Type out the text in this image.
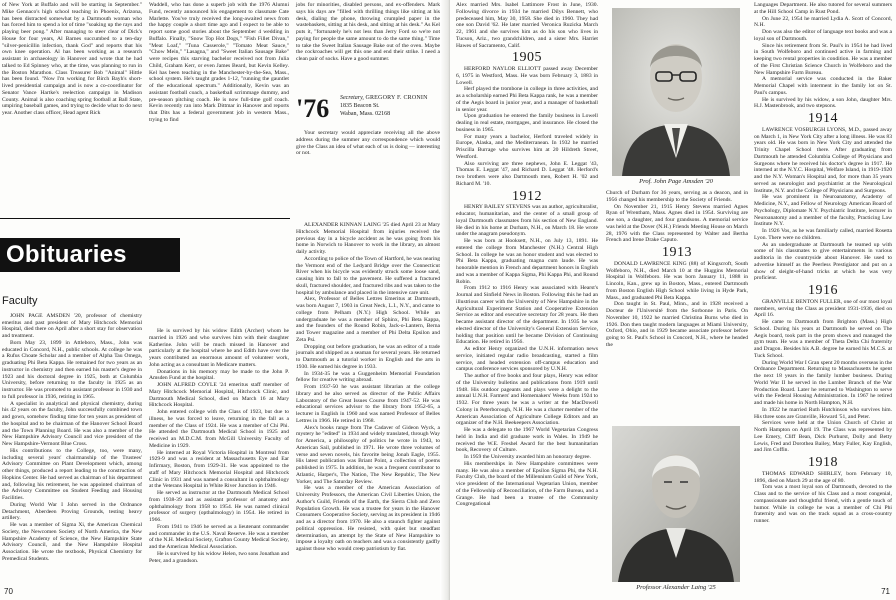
of New York at Buffalo and will be starting in September." Mike Gennaco's high school teaching in Phoenix, Arizona, has been distracted somewhat by a Dartmouth woman who has forced him to spend a lot of time "soaking up the rays and playing beer pong." After managing to steer clear of Dick's House for four years, Al Barnes succumbed to a ten-day "silver-penicillin infection, thank God" and reports that his own knee operation. Al has been working as a research assistant in archaeology in Hanover and wrote that he had talked to Ed Spinney who, at the time, was planning to run in the Boston Marathon. Class Treasurer Bob "Animal" Hittle has been found. "Now I'm working for Birch Bayh's short-lived presidential campaign and is now a co-coordinator for Senator Vance Hartke's reelection campaign in Madison County. Animal is also coaching spring football at Ball State, umpiring baseball games, and trying to decide what to do next year. Another class officer, Head agent Rick

Waddell, who has done a superb job with the 1976 Alumni Fund, recently announced his engagement to classmate Cate Marlette. You've truly received the long-awaited news from the happy couple a short time ago and I expect to be able to report some good stories about the September 4 wedding in Buffalo. Finally, "Snow Top Hot Dogs," "Fish Fillet Divan," "Meat Loaf," "Tuna Casserole," "Tomato Meat Sauce," "Chow Mein," "Lasagna," and "Sweet Italian Sausage Bake" were recipes this starving bachelor received not from Julia Child, Graham Kerr, or even James Beard, but Kevin Kelley. Kel has been teaching in the Manchester-by-the-Sea, Mass., school system. He's taught grades 1-12, "running the gauntlet of the educational spectrum." Additionally, Kevin was an assistant football coach, a basketball scrimmage dummy, and pre-season pitching coach. He is now full-time golf coach. Kevin recently ran into Mark Dittmar in Hanover and reports that Dits has a federal government job in western Mass., trying to find

jobs for minorities, disabled persons, and ex-offenders. Mark says his days are "filled with thrilling things like sitting at his desk, dialing the phone, throwing crumpled paper in the wastebaskets, sitting at his desk, and sitting at his desk." As Kel puts it, "fortunately he's not less than Jerry Ford so we're not paying for people the same amount to do the same thing." Time to take the Sweet Italian Sausage Bake out of the oven. Maybe the cockroaches will get this one and end their strike. I need a clean pair of socks. Have a good summer.

'76 Secretary, GREGORY F. CRONIN
1835 Beacon St.
Waban, Mass. 02168

Your secretary would appreciate receiving all the above address during the summer any correspondence which would give the Class an idea of what each of us is doing — interesting or not.

Obituaries
Faculty

JOHN PAGE AMSDEN '20, professor of chemistry emeritus and past president of Mary Hitchcock Memorial Hospital, died there on April after a short stay for observation and treatment.

Born May 23, 1899 in Attleboro, Mass., John was educated in Concord, N.H., public schools. At college he was a Rufus Choate Scholar and a member of Alpha Tau Omega, graduating Phi Beta Kappa. He remained for two years as an instructor in chemistry and then earned his master's degree in 1923 and his doctoral degree in 1925, both at Columbia University, before returning to the faculty in 1925 as an instructor. He was promoted to assistant professor in 1930 and to full professor in 1936, retiring in 1965.

A specialist in analytical and physical chemistry, during his 42 years on the faculty, John successfully combined town and gown, somehow finding time for ten years as president of the hospital and to be chairman of the Hanover School Board and the Town Planning Board. He was also a member of the New Hampshire Advisory Council and vice president of the New Hampshire-Vermont Blue Cross.

His contributions to the College, too, were many, including several years' chairmanship of the Trustees' Advisory Committee on Plant Development which, among other things, produced a report leading to the construction of Hopkins Center. He had served as chairman of his department and, following his retirement, he was appointed chairman of the Advisory Committee on Student Feeding and Housing Facilities.

During World War I John served in the Ordnance Detachment, Aberdeen Proving Grounds, testing heavy artillery.

He was a member of Sigma Xi, the American Chemical Society, the Newcomen Society of North America, the New Hampshire Academy of Science, the New Hampshire State Advisory Council, and the New Hampshire Hospital Association. He wrote the textbook, Physical Chemistry for Premedical Students.

He is survived by his widow Edith (Archer) whom he married in 1926 and who survives him with their daughter Katherine. John will be much missed in Hanover and particularly at the hospital where he and Edith have over the years contributed an enormous amount of volunteer work, John acting as a consultant in Medicare matters.

Donations in his memory may be made to the John P. Amsden Fund at the hospital.

JOHN ALFRED COYLE '24 emeritus staff member of Mary Hitchcock Memorial Hospital, Hitchcock Clinic, and Dartmouth Medical School, died on March 16 at Mary Hitchcock Hospital.

John entered college with the Class of 1923, but due to illness, he was forced to leave, returning in the fall as a member of the Class of 1924. He was a member of Chi Phi. He attended the Dartmouth Medical School in 1925 and received an M.D.C.M. from McGill University Faculty of Medicine in 1929.

He interned at Royal Victoria Hospital in Montreal from 1929-9 and was a resident at Massachusetts Eye and Ear Infirmary, Boston, from 1929-31. He was appointed to the staff of Mary Hitchcock Memorial Hospital and Hitchcock Clinic in 1931 and was named a consultant in ophthalmology at the Veterans Hospital in White River Junction in 1946.

He served as instructor at the Dartmouth Medical School from 1938-39 and as assistant professor of anatomy and ophthalmology from 1958 to 1954. He was named clinical professor of surgery (opthalmology) in 1954. He retired in 1966.

From 1941 to 1946 he served as a lieutenant commander and commander in the U.S. Naval Reserve. He was a member of the N.H. Medical Society, Grafton County Medical Society, and the American Medical Association.

He is survived by his widow Helen, two sons Jonathan and Peter, and a grandson.

ALEXANDER KINNAN LAING '25 died April 23 at Mary Hitchcock Memorial Hospital from injuries received the previous day in a bicycle accident as he was going from his home in Norwich to Hanover to work in the library, an almost daily activity.

According to police of the Town of Hartford, he was nearing the Vermont end of the Ledyard Bridge over the Connecticut River when his bicycle was evidently struck some loose sand, causing him to fall to the pavement. He suffered a fractured skull, fractured shoulder, and fractured ribs and was taken to the hospital by ambulance and placed in the intensive care unit.

Alex, Professor of Belles Lettres Emeritus at Dartmouth, was born August 7, 1903 in Great Neck, L.I., N.Y., and came to college from Pelham (N.Y.) High School. While an undergraduate he was a member of Sphinx, Phi Beta Kappa, and the founders of the Round Robin, Jack-o-Lantern, Berna and Tower magazine and a member of Phi Delta Epsilon and Zeta Psi.

Dropping out before graduation, he was an editor of a trade journals and shipped as a seaman for several years. He returned to Dartmouth as a tutorial worker in English and the arts in 1930. He earned his degree in 1933.

In 1934-35 he was a Guggenheim Memorial Foundation fellow for creative writing abroad.

From 1937-50 he was assistant librarian at the college library and he also served as director of the Public Affairs Laboratory of the Great Issues Course from 1947-52. He was educational services advisor to the library from 1952-65, a lecturer in English in 1960 and was named Professor of Belles Lettres in 1966. He retired in 1968.

Alex's books range from The Cadaver of Gideon Wyck, a mystery he "edited" in 1934 and widely translated, through Way for America, a philosophy of politics he wrote in 1943, to American Sail, published in 1971. He wrote three volumes of verse and seven novels, his favorite being Jonah Eagle, 1955. His latest publication was Briant Point, a collection of poems published in 1975. In addition, he was a frequent contributor to Atlantic, Harper's, The Nation, The New Republic, The New Yorker, and The Saturday Review.

He was a member of the American Association of University Professors, the American Civil Liberties Union, the Author's Guild, Friends of the Earth, the Sierra Club and Zero Population Growth. He was a trustee for years in the Hanover Consumers Cooperative Society, serving as its president in 1946 and as a director from 1970. He also a staunch fighter against political oppression. He resisted, with quiet but steadfast determination, an attempt by the State of New Hampshire to impose a loyalty oath on teachers and was a consistently gadfly against those who would creep patriotism by fiat.

70

Alex married Mrs. Isabel Lattimore Frost in June, 1930. Following divorce in 1934 he married Dilys Bennett, who predeceased him, May 30, 1958. She died in 1960. They had one son David '62. He later married Veronica Ruzicka March 22, 1961 and she survives him as do his son who lives in Tucson, Ariz., two grandchildren, and a sister Mrs. Harriet Hawes of Sacramento, Calif.

1905

HERFORD NAYLOR ELLIOTT passed away December 6, 1975 in Westford, Mass. He was born February 3, 1883 in Lowell.

Herf played the trombone in college in three activities, and as a scholarship earned Phi Beta Kappa rank, he was a member of the Aegis board in junior year, and a manager of basketball in senior year.

Upon graduation he entered the family business in Lowell dealing in real estate, mortgages, and insurance. He closed the business in 1965.

For many years a bachelor, Herford traveled widely in Europe, Alaska, and the Mediterranean. In 1932 he married Priscilla Burrage who survives him at 20 Hildreth Street, Westford.

Also surviving are three nephews, John E. Leggat '43, Thomas E. Leggat '47, and Richard D. Leggat '48. Herford's two brothers were also Dartmouth men, Robert H. '02 and Richard M. '10.

1912

HENRY BAILEY STEVENS was an author, agriculturalist, educator, humanitarian, and the center of a small group of loyal Dartmouth classmates from his section of New England. He died in his home at Durham, N.H., on March 18. He wrote under the anagram pseudonym.

He was born at Hooksett, N.H., on July 13, 1891. He entered the college from Manchester (N.H.) Central High School. In college he was an honor student and was elected to Phi Beta Kappa, graduating magna cum laude. He was honorable mention in French and department honors in English and was a member of Kappa Sigma, Phi Kappa Phi, and Round Robin.

From 1912 to 1916 Henry was associated with Hearst's Journal and Sinfield News in Boston. Following this he had an illustrious career with the University of New Hampshire in the Agricultural Experiment Station and Cooperative Extension Service as editor and executive secretary for 28 years. He then became assistant director of the department. In 1935 he was elected director of the University's General Extension Service, holding that position until he became Division of Continuing Education. He retired in 1956.

As editor Henry organized the U.N.H. information news service, initiated regular radio broadcasting, started a film service, and headed extension off-campus education and campus conference services sponsored by U.N.H.

The author of five books and four plays, Henry was editor of the University bulletins and publications from 1919 until 1948. His outdoor pageants and plays were a delight to the annual U.N.H. Farmers' and Homemakers' Weeks from 1924 to 1932. For three years he was a writer at the MacDowell Colony in Peterborough, N.H. He was a charter member of the American Association of Agriculture College Editors and an organizer of the N.H. Beekeepers Association.

He was a delegate to the 1967 World Vegetarian Congress held in India and did graduate work in Wales. In 1949 he received the W.E. Freshel Award for the best humanitarian book, Recovery of Culture.

In 1959 the University awarded him an honorary degree.

His memberships in New Hampshire committees were many. He was also a member of Epsilon Sigma Phi, the N.H. Faculty Club, the board of the Millennium Guild of New York, vice president of the International Vegetarian Union, member of the Fellowship of Reconciliation, of the Farm Bureau, and a Grange. He had been a trustee of the Community Congregational

Prof. John Page Amsden '20

Church of Durham for 36 years, serving as a deacon, and in 1956 changed his membership to the Society of Friends.

On November 21, 1915 Henry Stevens married Agnes Ryan of Wrentham, Mass. Agnes died in 1954. Surviving are one son, a daughter, and four grandsons. A memorial service was held at the Dover (N.H.) Friends Meeting House on March 28, 1976 with the Class represented by Walter and Bertha French and Irene Drake Caputo.

1913

DONALD LAWRENCE KING (88) of Kingscroft, South Wolfeboro, N.H., died March 10 at the Huggins Memorial Hospital in Wolfeboro. He was born January 11, 1888 in Lincoln, Kan., grew up in Boston, Mass., entered Dartmouth from Boston English High School while living in Hyde Park, Mass., and graduated Phi Beta Kappa.

Don taught in St. Paul, Minn., and in 1928 received a Docteur de l'Université from the Sorbonne in Paris. On November 10, 1922 he married Christina Burns who died in 1926. Don then taught modern languages at Miami University, Oxford, Ohio, and in 1929 became associate professor before going to St. Paul's School in Concord, N.H., where he headed the

Professor Alexander Laing '25

Languages Department. He also tutored for several summers at the Hill School Camp in Rust Pond.

On June 22, 1954 he married Lydia A. Scott of Concord, N.H.

Don was also the editor of language text books and was a loyal son of Dartmouth.

Since his retirement from St. Paul's in 1954 he had lived in South Wolfeboro and continued active in farming and keeping two rental properties in condition. He was a member of the First Christian Science Church in Wolfeboro and the New Hampshire Farm Bureau.

A memorial service was conducted in the Baker Memorial Chapel with interment in the family lot on St. Paul's campus.

He is survived by his widow, a son John, daughter Mrs. H.J. Mastenbrook, and two stepsons.

1914

LAWRENCE VOSBURGH LYONS, M.D., passed away on March 1, in New York City after a long illness. He was 83 years old. He was born in New York City and attended the Trinity Chapel School there. After graduating from Dartmouth he attended Columbia College of Physicians and Surgeons where he received his doctor's degree in 1917. He interned at the N.Y.C. Hospital, Welfare Island, in 1919-1920 and the N.Y. Woman's Hospital and, for more than 35 years served as neurologist and psychiatrist at the Neurological Institute, N.Y. and the College of Physicians and Surgeons.

He was prominent in Neuroanatomy, Academy of Medicine, N.Y., and Fellow of Neurology American Board of Psychology, Diplomate N.Y. Psychiatric Institute, lecturer in Neuroanatomy and a member of the faculty, Practicing Law Institute N.Y.

In 1926 Vos, as he was familiarly called, married Rosetta Lyon. There were no children.

As an undergraduate at Dartmouth he teamed up with some of his classmates to give entertainments in various auditoria in the countryside about Hanover. He used to advertise himself as the Peerless Prestigiator and put on a show of sleight-of-hand tricks at which he was very proficient.

1916

GRANVILLE BENTON FULLER, one of our most loyal members, serving the Class as president 1931-1936, died on April 16.

He came to Dartmouth from Brighton (Mass.) High School. During his years at Dartmouth he served on The Aegis board, took part in the prom shows and managed the gym team. He was a member of Theta Delta Chi fraternity and Dragon. Besides his A.B. degree he earned his M.C.S. at Tuck School.

During World War I Gran spent 20 months overseas in the Ordnance Department. Returning to Massachusetts he spent the next 18 years in the family lumber business. During World War II he served in the Lumber Branch of the War Production Board. Later he returned to Washington to serve with the Federal Housing Administration. In 1967 he retired and made his home in North Hampton, N.H.

In 1922 he married Ruth Hutchinson who survives him. His three sons are Granville, Howard '51, and Peter.

Services were held at the Union Church of Christ at North Hampton on April 19. The Class was represented by Lee Emery, Cliff Bean, Dick Purhurst, Dolly and Betty Lewis, Fred and Dorothea Bailey, Mary Fuller, Kay English, and Jim Coffin.

1918

THOMAS EDWARD SHIRLEY, born February 10, 1896, died on March 29 at the age of 80.

Tom was a most loyal son of Dartmouth, devoted to the Class and to the service of his Class and a most congenial, compassionate and thoughtful friend, with a gentle touch of humor. While in college he was a member of Chi Phi fraternity and was on the track squad as a cross-country runner.

71
